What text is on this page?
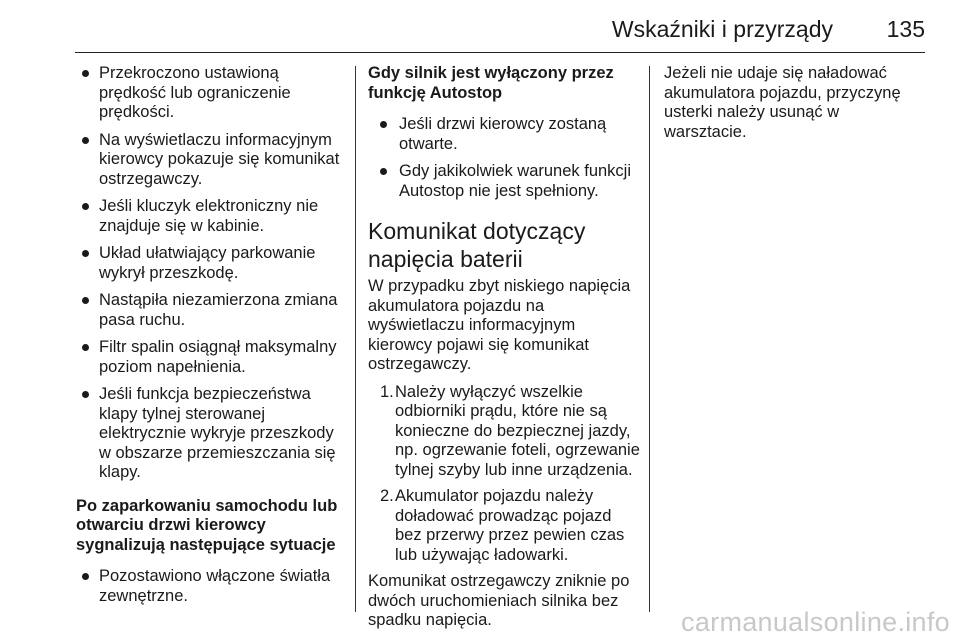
Wskaźniki i przyrządy 135
Przekroczono ustawioną prędkość lub ograniczenie prędkości.
Na wyświetlaczu informacyjnym kierowcy pokazuje się komunikat ostrzegawczy.
Jeśli kluczyk elektroniczny nie znajduje się w kabinie.
Układ ułatwiający parkowanie wykrył przeszkodę.
Nastąpiła niezamierzona zmiana pasa ruchu.
Filtr spalin osiągnął maksymalny poziom napełnienia.
Jeśli funkcja bezpieczeństwa klapy tylnej sterowanej elektrycznie wykryje przeszkody w obszarze przemieszczania się klapy.
Po zaparkowaniu samochodu lub otwarciu drzwi kierowcy sygnalizują następujące sytuacje
Pozostawiono włączone światła zewnętrzne.
Gdy silnik jest wyłączony przez funkcję Autostop
Jeśli drzwi kierowcy zostaną otwarte.
Gdy jakikolwiek warunek funkcji Autostop nie jest spełniony.
Komunikat dotyczący napięcia baterii

W przypadku zbyt niskiego napięcia akumulatora pojazdu na wyświetlaczu informacyjnym kierowcy pojawi się komunikat ostrzegawczy.

1. Należy wyłączyć wszelkie odbiorniki prądu, które nie są konieczne do bezpiecznej jazdy, np. ogrzewanie foteli, ogrzewanie tylnej szyby lub inne urządzenia.
2. Akumulator pojazdu należy doładować prowadząc pojazd bez przerwy przez pewien czas lub używając ładowarki.

Komunikat ostrzegawczy zniknie po dwóch uruchomieniach silnika bez spadku napięcia.

Jeżeli nie udaje się naładować akumulatora pojazdu, przyczynę usterki należy usunąć w warsztacie.

carmanualsonline.info
